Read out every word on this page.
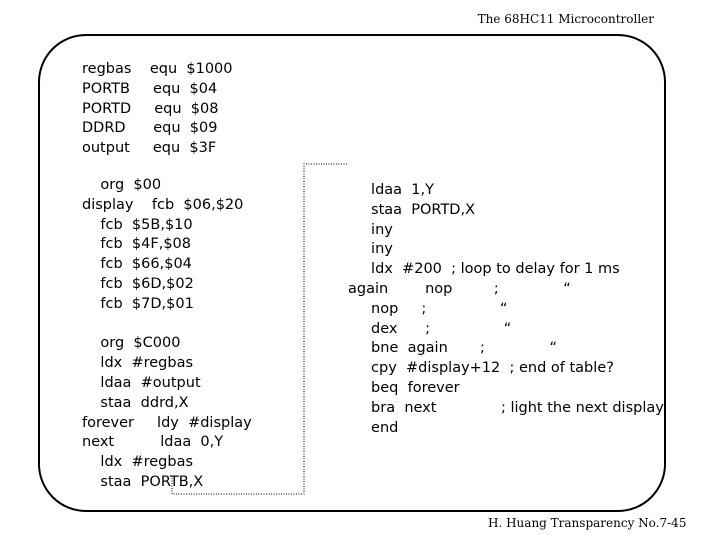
The 68HC11 Microcontroller
regbas    equ  $1000
PORTB     equ  $04
PORTD     equ  $08
DDRD      equ  $09
output     equ  $3F
org  $00
display    fcb  $06,$20
fcb  $5B,$10
fcb  $4F,$08
fcb  $66,$04
fcb  $6D,$02
fcb  $7D,$01
org  $C000
ldx  #regbas
ldaa  #output
staa  ddrd,X
forever     ldy  #display
next          ldaa  0,Y
ldx  #regbas
staa  PORTB,X
ldaa  1,Y
staa  PORTD,X
iny
iny
ldx  #200  ; loop to delay for 1 ms
again        nop         ;              “
nop     ;                “
dex      ;                “
bne  again       ;              “
cpy  #display+12  ; end of table?
beq  forever
bra  next              ; light the next display
end
H. Huang Transparency No.7-45
